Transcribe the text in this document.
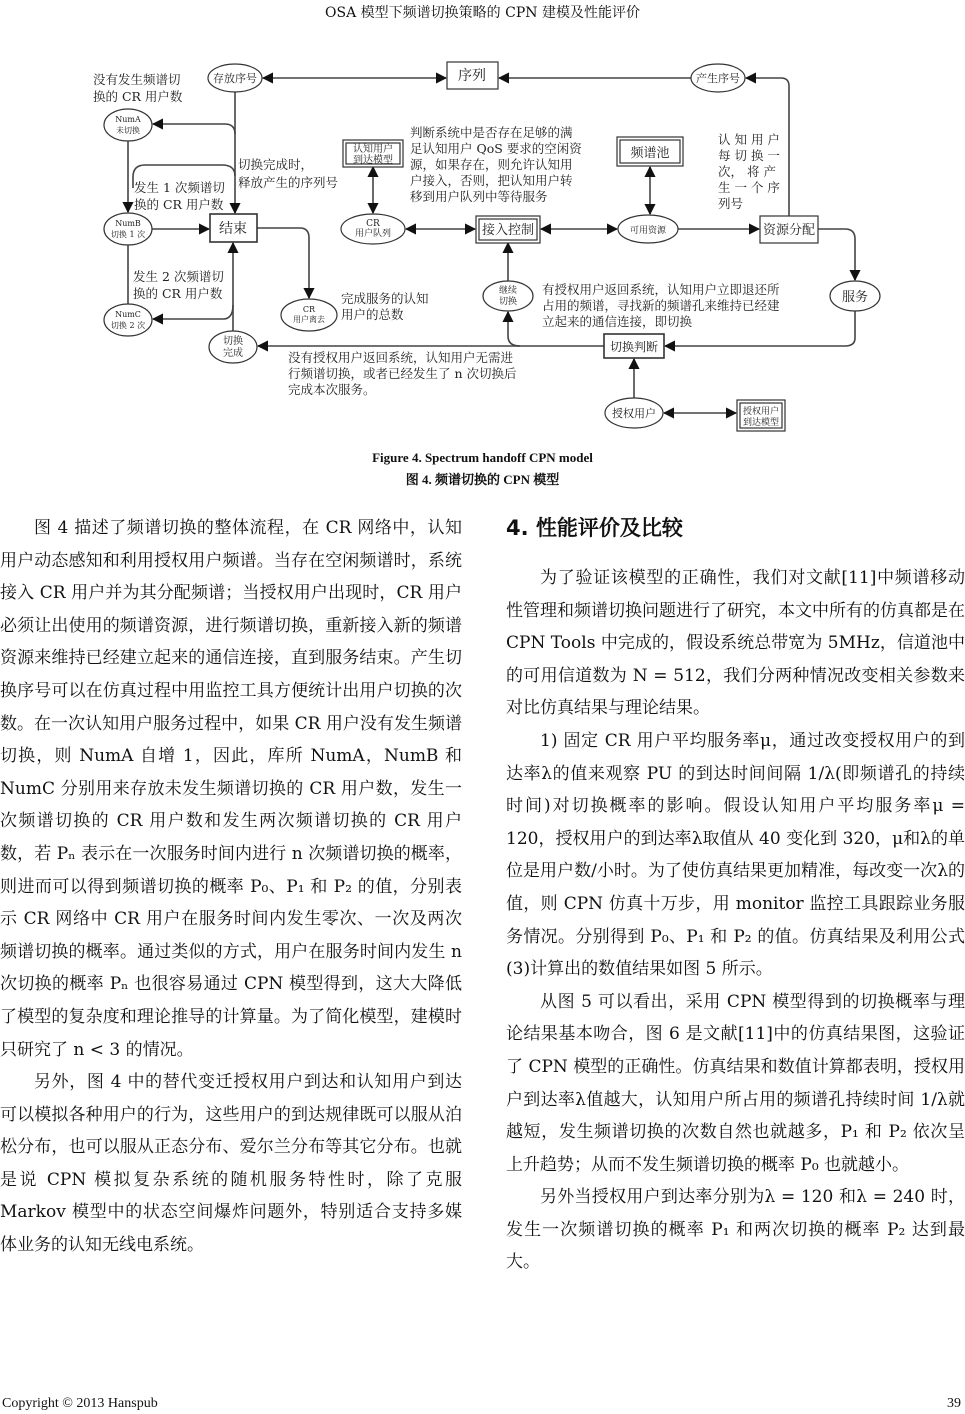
OSA 模型下频谱切换策略的 CPN 建模及性能评价
存放序号	序列	产生序号
NumA
未切换
认知用户
到达模型	频谱池
NumB
切换 1 次	结束	CR
用户队列	接入控制	可用资源	资源分配
继续
切换	服务
CR
用户离去
NumC
切换 2 次
切换
完成	切换判断
授权用户	授权用户
到达模型
没有发生频谱切
换的 CR 用户数
切换完成时，
释放产生的序列号
发生 1 次频谱切
换的 CR 用户数
判断系统中是否存在足够的满
足认知用户 QoS 要求的空闲资
源，如果存在，则允许认知用
户接入，否则，把认知用户转
移到用户队列中等待服务
认 知 用 户
每 切 换 一
次， 将 产
生 一 个 序
列号
发生 2 次频谱切
换的 CR 用户数	完成服务的认知
用户的总数
有授权用户返回系统，认知用户立即退还所
占用的频谱，寻找新的频谱孔来维持已经建
立起来的通信连接，即切换
没有授权用户返回系统，认知用户无需进
行频谱切换，或者已经发生了 n 次切换后
完成本次服务。
Figure 4. Spectrum handoff CPN model
图 4. 频谱切换的 CPN 模型

图 4 描述了频谱切换的整体流程，在 CR 网络中，认知用户动态感知和利用授权用户频谱。当存在空闲频谱时，系统接入 CR 用户并为其分配频谱；当授权用户出现时，CR 用户必须让出使用的频谱资源，进行频谱切换，重新接入新的频谱资源来维持已经建立起来的通信连接，直到服务结束。产生切换序号可以在仿真过程中用监控工具方便统计出用户切换的次数。在一次认知用户服务过程中，如果 CR 用户没有发生频谱切换，则 NumA 自增 1，因此，库所 NumA，NumB 和 NumC 分别用来存放未发生频谱切换的 CR 用户数，发生一次频谱切换的 CR 用户数和发生两次频谱切换的 CR 用户数，若 Pₙ 表示在一次服务时间内进行 n 次频谱切换的概率，则进而可以得到频谱切换的概率 P₀、P₁ 和 P₂ 的值，分别表示 CR 网络中 CR 用户在服务时间内发生零次、一次及两次频谱切换的概率。通过类似的方式，用户在服务时间内发生 n 次切换的概率 Pₙ 也很容易通过 CPN 模型得到，这大大降低了模型的复杂度和理论推导的计算量。为了简化模型，建模时只研究了 n < 3 的情况。

另外，图 4 中的替代变迁授权用户到达和认知用户到达可以模拟各种用户的行为，这些用户的到达规律既可以服从泊松分布，也可以服从正态分布、爱尔兰分布等其它分布。也就是说 CPN 模拟复杂系统的随机服务特性时，除了克服 Markov 模型中的状态空间爆炸问题外，特别适合支持多媒体业务的认知无线电系统。

4. 性能评价及比较

为了验证该模型的正确性，我们对文献[11]中频谱移动性管理和频谱切换问题进行了研究，本文中所有的仿真都是在 CPN Tools 中完成的，假设系统总带宽为 5MHz，信道池中的可用信道数为 N = 512，我们分两种情况改变相关参数来对比仿真结果与理论结果。

1) 固定 CR 用户平均服务率μ，通过改变授权用户的到达率λ的值来观察 PU 的到达时间间隔 1/λ(即频谱孔的持续时间)对切换概率的影响。假设认知用户平均服务率μ = 120，授权用户的到达率λ取值从 40 变化到 320，μ和λ的单位是用户数/小时。为了使仿真结果更加精准，每改变一次λ的值，则 CPN 仿真十万步，用 monitor 监控工具跟踪业务服务情况。分别得到 P₀、P₁ 和 P₂ 的值。仿真结果及利用公式(3)计算出的数值结果如图 5 所示。

从图 5 可以看出，采用 CPN 模型得到的切换概率与理论结果基本吻合，图 6 是文献[11]中的仿真结果图，这验证了 CPN 模型的正确性。仿真结果和数值计算都表明，授权用户到达率λ值越大，认知用户所占用的频谱孔持续时间 1/λ就越短，发生频谱切换的次数自然也就越多，P₁ 和 P₂ 依次呈上升趋势；从而不发生频谱切换的概率 P₀ 也就越小。

另外当授权用户到达率分别为λ = 120 和λ = 240 时，发生一次频谱切换的概率 P₁ 和两次切换的概率 P₂ 达到最大。

Copyright © 2013 Hanspub	39
